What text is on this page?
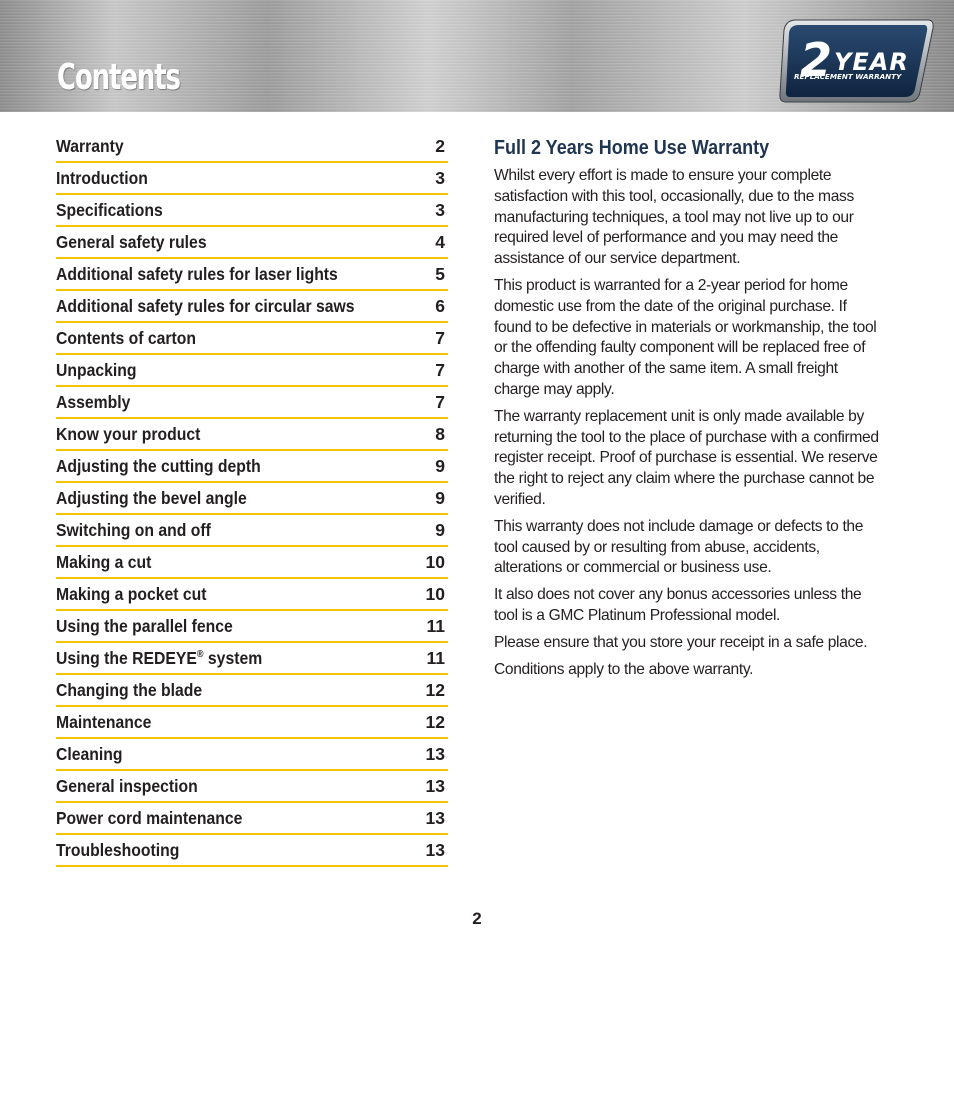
Contents	2 YEAR
REPLACEMENT WARRANTY
Warranty	2
Introduction	3
Specifications	3
General safety rules	4
Additional safety rules for laser lights	5
Additional safety rules for circular saws	6
Contents of carton	7
Unpacking	7
Assembly	7
Know your product	8
Adjusting the cutting depth	9
Adjusting the bevel angle	9
Switching on and off	9
Making a cut	10
Making a pocket cut	10
Using the parallel fence	11
Using the REDEYE® system	11
Changing the blade	12
Maintenance	12
Cleaning	13
General inspection	13
Power cord maintenance	13
Troubleshooting	13
Full 2 Years Home Use Warranty

Whilst every effort is made to ensure your complete satisfaction with this tool, occasionally, due to the mass manufacturing techniques, a tool may not live up to our required level of performance and you may need the assistance of our service department.

This product is warranted for a 2-year period for home domestic use from the date of the original purchase. If found to be defective in materials or workmanship, the tool or the offending faulty component will be replaced free of charge with another of the same item. A small freight charge may apply.

The warranty replacement unit is only made available by returning the tool to the place of purchase with a confirmed register receipt. Proof of purchase is essential. We reserve the right to reject any claim where the purchase cannot be verified.

This warranty does not include damage or defects to the tool caused by or resulting from abuse, accidents, alterations or commercial or business use.

It also does not cover any bonus accessories unless the tool is a GMC Platinum Professional model.

Please ensure that you store your receipt in a safe place.

Conditions apply to the above warranty.

2
